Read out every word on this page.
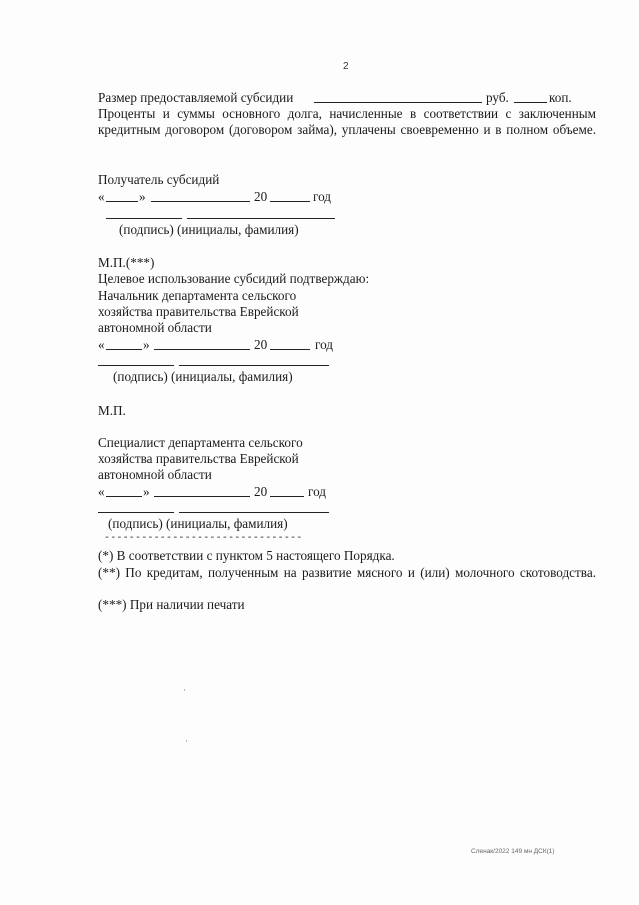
2
Размер предоставляемой субсидии	руб.	коп.
Проценты и суммы основного долга, начисленные в соответствии с заключенным кредитным договором (договором займа), уплачены своевременно и в полном объеме.
Получатель субсидий
«	»	20	год
(подпись) (инициалы, фамилия)
М.П.(***)
Целевое использование субсидий подтверждаю:
Начальник департамента сельского
хозяйства правительства Еврейской
автономной области
«	»	20	год
(подпись) (инициалы, фамилия)
М.П.
Специалист департамента сельского
хозяйства правительства Еврейской
автономной области
«	»	20	год
(подпись) (инициалы, фамилия)
--------------------------------
(*) В соответствии с пунктом 5 настоящего Порядка.
(**) По кредитам, полученным на развитие мясного и (или) молочного скотоводства.
(***) При наличии печати
Сленак/2022 149 мн ДСК(1)
